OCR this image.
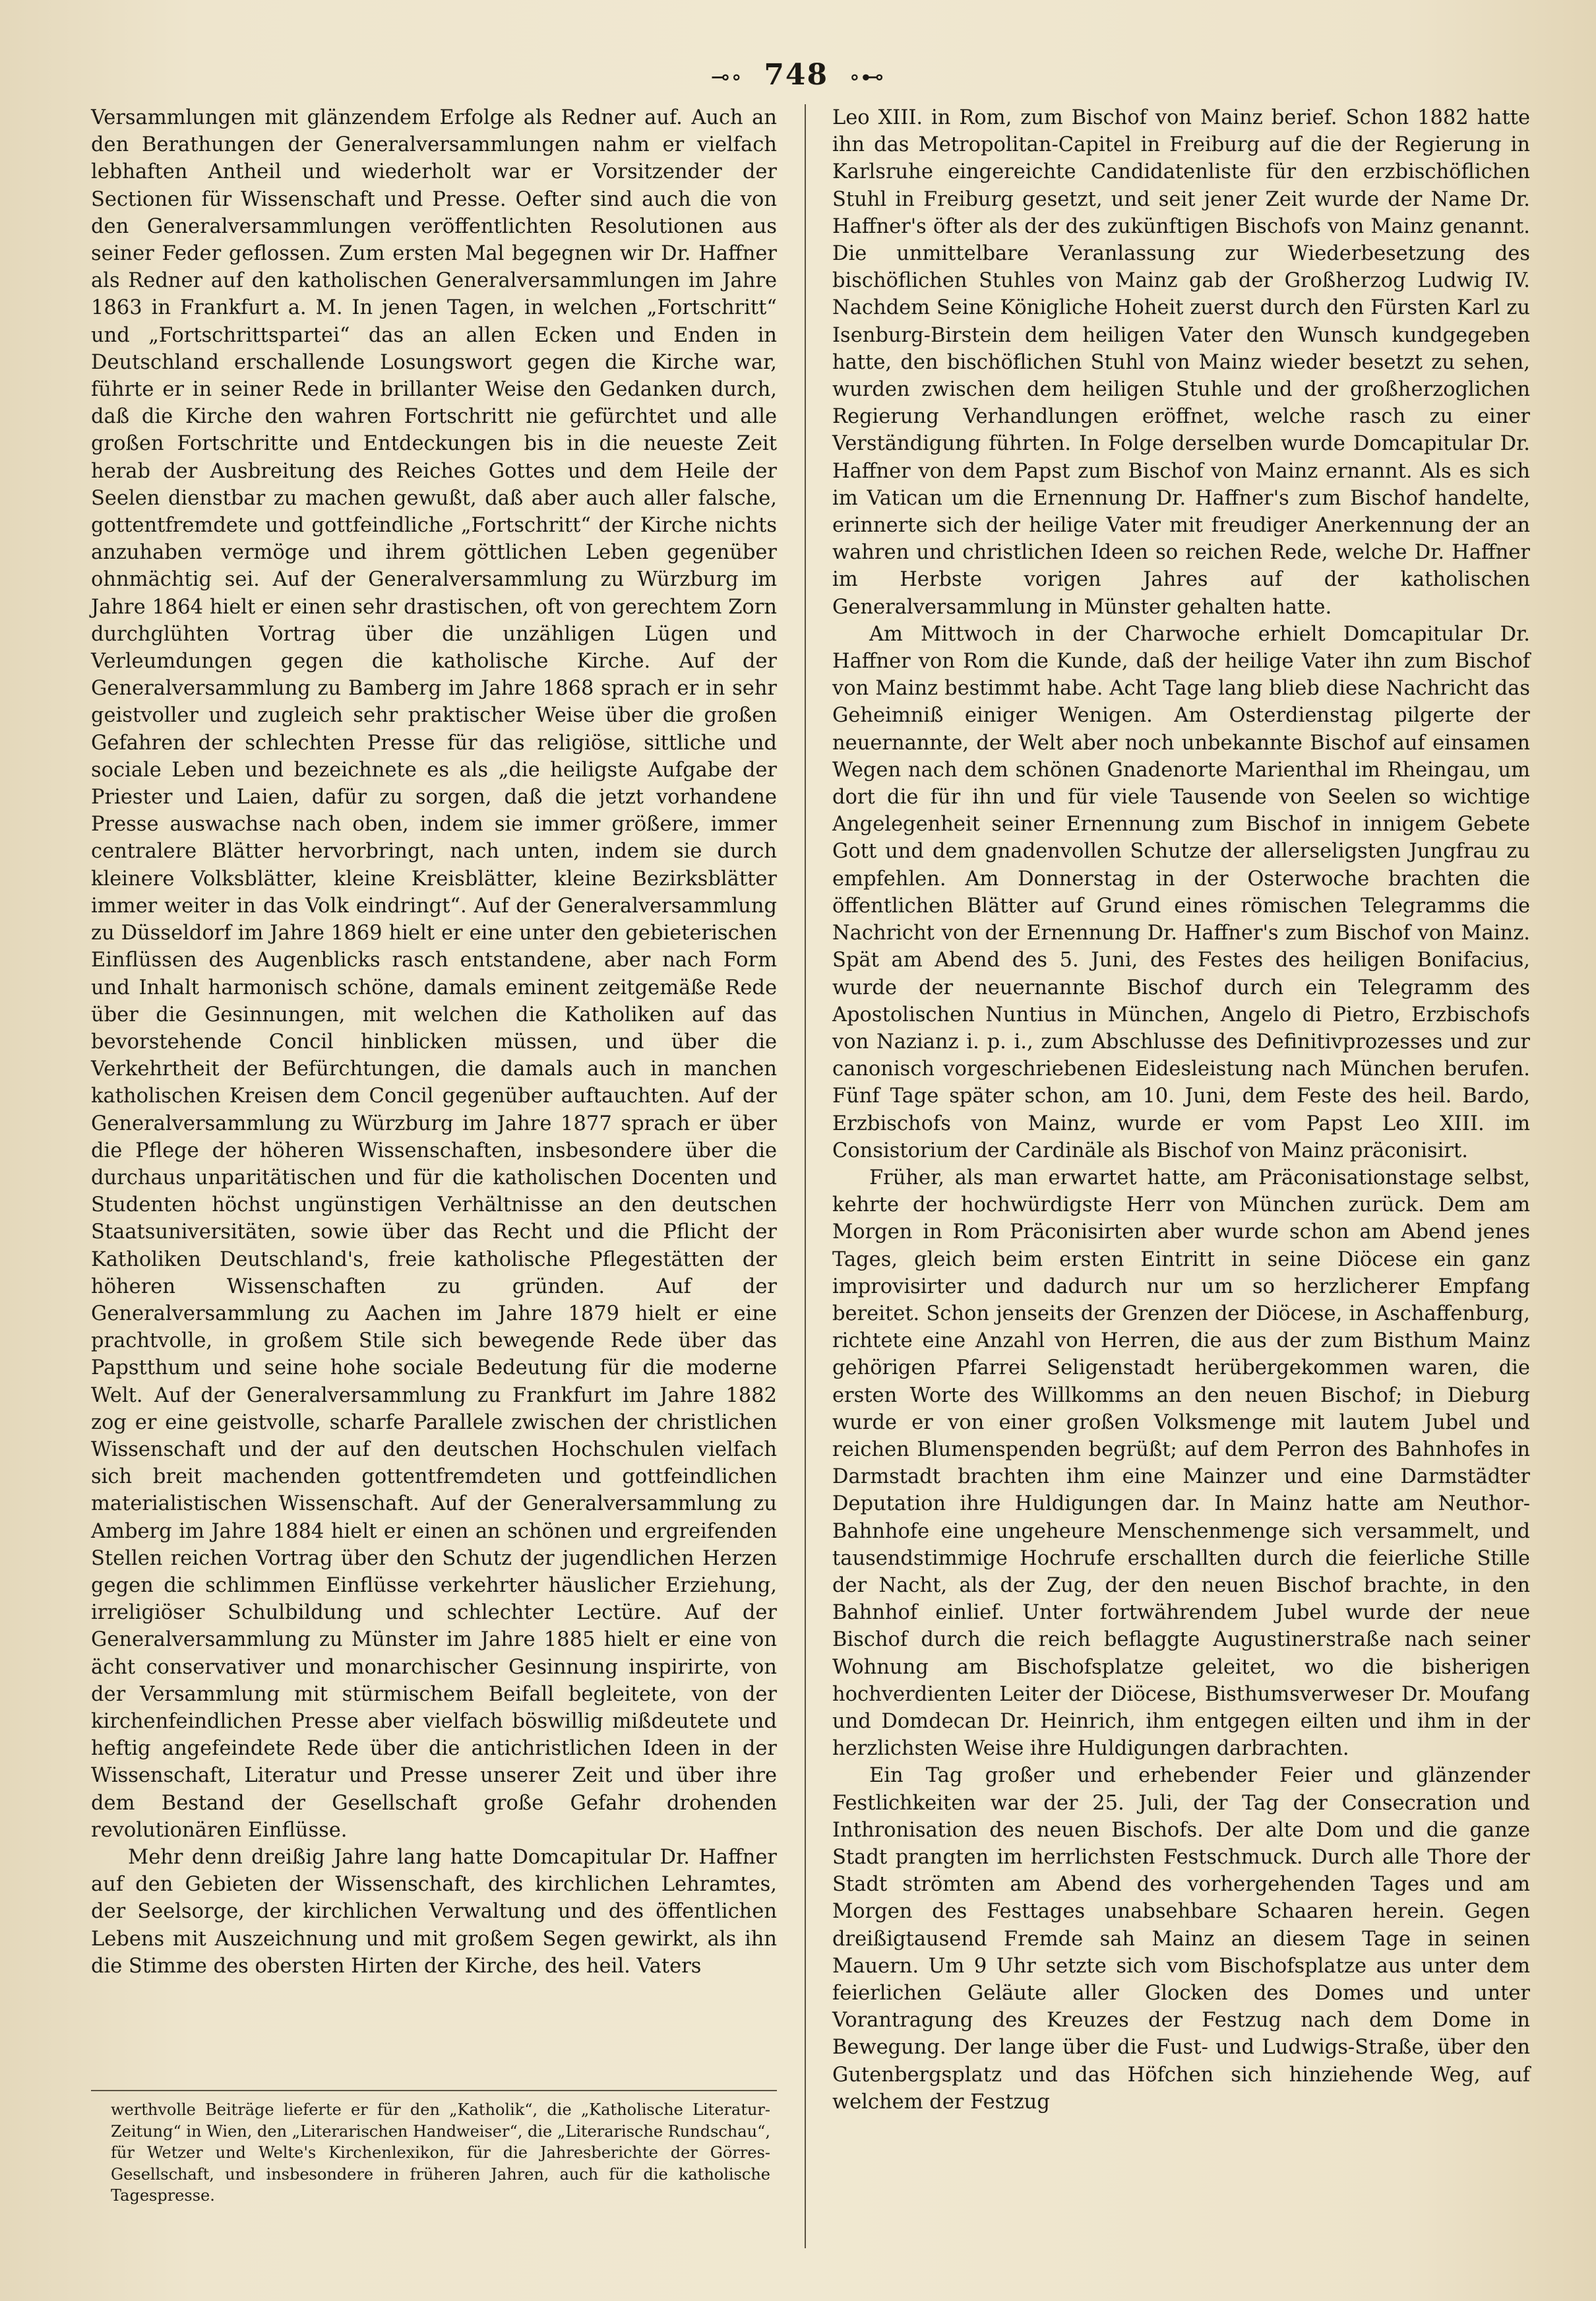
⊸∘ 748 ∘⊷

Versammlungen mit glänzendem Erfolge als Redner auf. Auch an den Berathungen der Generalversammlungen nahm er vielfach lebhaften Antheil und wiederholt war er Vorsitzender der Sectionen für Wissenschaft und Presse. Oefter sind auch die von den Generalversammlungen veröffentlichten Resolutionen aus seiner Feder geflossen. Zum ersten Mal begegnen wir Dr. Haffner als Redner auf den katholischen Generalversammlungen im Jahre 1863 in Frankfurt a. M. In jenen Tagen, in welchen „Fortschritt“ und „Fortschrittspartei“ das an allen Ecken und Enden in Deutschland erschallende Losungswort gegen die Kirche war, führte er in seiner Rede in brillanter Weise den Gedanken durch, daß die Kirche den wahren Fortschritt nie gefürchtet und alle großen Fortschritte und Entdeckungen bis in die neueste Zeit herab der Ausbreitung des Reiches Gottes und dem Heile der Seelen dienstbar zu machen gewußt, daß aber auch aller falsche, gottentfremdete und gottfeindliche „Fortschritt“ der Kirche nichts anzuhaben vermöge und ihrem göttlichen Leben gegenüber ohnmächtig sei. Auf der Generalversammlung zu Würzburg im Jahre 1864 hielt er einen sehr drastischen, oft von gerechtem Zorn durchglühten Vortrag über die unzähligen Lügen und Verleumdungen gegen die katholische Kirche. Auf der Generalversammlung zu Bamberg im Jahre 1868 sprach er in sehr geistvoller und zugleich sehr praktischer Weise über die großen Gefahren der schlechten Presse für das religiöse, sittliche und sociale Leben und bezeichnete es als „die heiligste Aufgabe der Priester und Laien, dafür zu sorgen, daß die jetzt vorhandene Presse auswachse nach oben, indem sie immer größere, immer centralere Blätter hervorbringt, nach unten, indem sie durch kleinere Volksblätter, kleine Kreisblätter, kleine Bezirksblätter immer weiter in das Volk eindringt“. Auf der Generalversammlung zu Düsseldorf im Jahre 1869 hielt er eine unter den gebieterischen Einflüssen des Augenblicks rasch entstandene, aber nach Form und Inhalt harmonisch schöne, damals eminent zeitgemäße Rede über die Gesinnungen, mit welchen die Katholiken auf das bevorstehende Concil hinblicken müssen, und über die Verkehrtheit der Befürchtungen, die damals auch in manchen katholischen Kreisen dem Concil gegenüber auftauchten. Auf der Generalversammlung zu Würzburg im Jahre 1877 sprach er über die Pflege der höheren Wissenschaften, insbesondere über die durchaus unparitätischen und für die katholischen Docenten und Studenten höchst ungünstigen Verhältnisse an den deutschen Staatsuniversitäten, sowie über das Recht und die Pflicht der Katholiken Deutschland's, freie katholische Pflegestätten der höheren Wissenschaften zu gründen. Auf der Generalversammlung zu Aachen im Jahre 1879 hielt er eine prachtvolle, in großem Stile sich bewegende Rede über das Papstthum und seine hohe sociale Bedeutung für die moderne Welt. Auf der Generalversammlung zu Frankfurt im Jahre 1882 zog er eine geistvolle, scharfe Parallele zwischen der christlichen Wissenschaft und der auf den deutschen Hochschulen vielfach sich breit machenden gottentfremdeten und gottfeindlichen materialistischen Wissenschaft. Auf der Generalversammlung zu Amberg im Jahre 1884 hielt er einen an schönen und ergreifenden Stellen reichen Vortrag über den Schutz der jugendlichen Herzen gegen die schlimmen Einflüsse verkehrter häuslicher Erziehung, irreligiöser Schulbildung und schlechter Lectüre. Auf der Generalversammlung zu Münster im Jahre 1885 hielt er eine von ächt conservativer und monarchischer Gesinnung inspirirte, von der Versammlung mit stürmischem Beifall begleitete, von der kirchenfeindlichen Presse aber vielfach böswillig mißdeutete und heftig angefeindete Rede über die antichristlichen Ideen in der Wissenschaft, Literatur und Presse unserer Zeit und über ihre dem Bestand der Gesellschaft große Gefahr drohenden revolutionären Einflüsse.

Mehr denn dreißig Jahre lang hatte Domcapitular Dr. Haffner auf den Gebieten der Wissenschaft, des kirchlichen Lehramtes, der Seelsorge, der kirchlichen Verwaltung und des öffentlichen Lebens mit Auszeichnung und mit großem Segen gewirkt, als ihn die Stimme des obersten Hirten der Kirche, des heil. Vaters

Leo XIII. in Rom, zum Bischof von Mainz berief. Schon 1882 hatte ihn das Metropolitan-Capitel in Freiburg auf die der Regierung in Karlsruhe eingereichte Candidatenliste für den erzbischöflichen Stuhl in Freiburg gesetzt, und seit jener Zeit wurde der Name Dr. Haffner's öfter als der des zukünftigen Bischofs von Mainz genannt. Die unmittelbare Veranlassung zur Wiederbesetzung des bischöflichen Stuhles von Mainz gab der Großherzog Ludwig IV. Nachdem Seine Königliche Hoheit zuerst durch den Fürsten Karl zu Isenburg-Birstein dem heiligen Vater den Wunsch kundgegeben hatte, den bischöflichen Stuhl von Mainz wieder besetzt zu sehen, wurden zwischen dem heiligen Stuhle und der großherzoglichen Regierung Verhandlungen eröffnet, welche rasch zu einer Verständigung führten. In Folge derselben wurde Domcapitular Dr. Haffner von dem Papst zum Bischof von Mainz ernannt. Als es sich im Vatican um die Ernennung Dr. Haffner's zum Bischof handelte, erinnerte sich der heilige Vater mit freudiger Anerkennung der an wahren und christlichen Ideen so reichen Rede, welche Dr. Haffner im Herbste vorigen Jahres auf der katholischen Generalversammlung in Münster gehalten hatte.

Am Mittwoch in der Charwoche erhielt Domcapitular Dr. Haffner von Rom die Kunde, daß der heilige Vater ihn zum Bischof von Mainz bestimmt habe. Acht Tage lang blieb diese Nachricht das Geheimniß einiger Wenigen. Am Osterdienstag pilgerte der neuernannte, der Welt aber noch unbekannte Bischof auf einsamen Wegen nach dem schönen Gnadenorte Marienthal im Rheingau, um dort die für ihn und für viele Tausende von Seelen so wichtige Angelegenheit seiner Ernennung zum Bischof in innigem Gebete Gott und dem gnadenvollen Schutze der allerseligsten Jungfrau zu empfehlen. Am Donnerstag in der Osterwoche brachten die öffentlichen Blätter auf Grund eines römischen Telegramms die Nachricht von der Ernennung Dr. Haffner's zum Bischof von Mainz. Spät am Abend des 5. Juni, des Festes des heiligen Bonifacius, wurde der neuernannte Bischof durch ein Telegramm des Apostolischen Nuntius in München, Angelo di Pietro, Erzbischofs von Nazianz i. p. i., zum Abschlusse des Definitivprozesses und zur canonisch vorgeschriebenen Eidesleistung nach München berufen. Fünf Tage später schon, am 10. Juni, dem Feste des heil. Bardo, Erzbischofs von Mainz, wurde er vom Papst Leo XIII. im Consistorium der Cardinäle als Bischof von Mainz präconisirt.

Früher, als man erwartet hatte, am Präconisationstage selbst, kehrte der hochwürdigste Herr von München zurück. Dem am Morgen in Rom Präconisirten aber wurde schon am Abend jenes Tages, gleich beim ersten Eintritt in seine Diöcese ein ganz improvisirter und dadurch nur um so herzlicherer Empfang bereitet. Schon jenseits der Grenzen der Diöcese, in Aschaffenburg, richtete eine Anzahl von Herren, die aus der zum Bisthum Mainz gehörigen Pfarrei Seligenstadt herübergekommen waren, die ersten Worte des Willkomms an den neuen Bischof; in Dieburg wurde er von einer großen Volksmenge mit lautem Jubel und reichen Blumenspenden begrüßt; auf dem Perron des Bahnhofes in Darmstadt brachten ihm eine Mainzer und eine Darmstädter Deputation ihre Huldigungen dar. In Mainz hatte am Neuthor-Bahnhofe eine ungeheure Menschenmenge sich versammelt, und tausendstimmige Hochrufe erschallten durch die feierliche Stille der Nacht, als der Zug, der den neuen Bischof brachte, in den Bahnhof einlief. Unter fortwährendem Jubel wurde der neue Bischof durch die reich beflaggte Augustinerstraße nach seiner Wohnung am Bischofsplatze geleitet, wo die bisherigen hochverdienten Leiter der Diöcese, Bisthumsverweser Dr. Moufang und Domdecan Dr. Heinrich, ihm entgegen eilten und ihm in der herzlichsten Weise ihre Huldigungen darbrachten.

Ein Tag großer und erhebender Feier und glänzender Festlichkeiten war der 25. Juli, der Tag der Consecration und Inthronisation des neuen Bischofs. Der alte Dom und die ganze Stadt prangten im herrlichsten Festschmuck. Durch alle Thore der Stadt strömten am Abend des vorhergehenden Tages und am Morgen des Festtages unabsehbare Schaaren herein. Gegen dreißigtausend Fremde sah Mainz an diesem Tage in seinen Mauern. Um 9 Uhr setzte sich vom Bischofsplatze aus unter dem feierlichen Geläute aller Glocken des Domes und unter Vorantragung des Kreuzes der Festzug nach dem Dome in Bewegung. Der lange über die Fust- und Ludwigs-Straße, über den Gutenbergsplatz und das Höfchen sich hinziehende Weg, auf welchem der Festzug

werthvolle Beiträge lieferte er für den „Katholik“, die „Katholische Literatur-Zeitung“ in Wien, den „Literarischen Handweiser“, die „Literarische Rundschau“, für Wetzer und Welte's Kirchenlexikon, für die Jahresberichte der Görres-Gesellschaft, und insbesondere in früheren Jahren, auch für die katholische Tagespresse.
